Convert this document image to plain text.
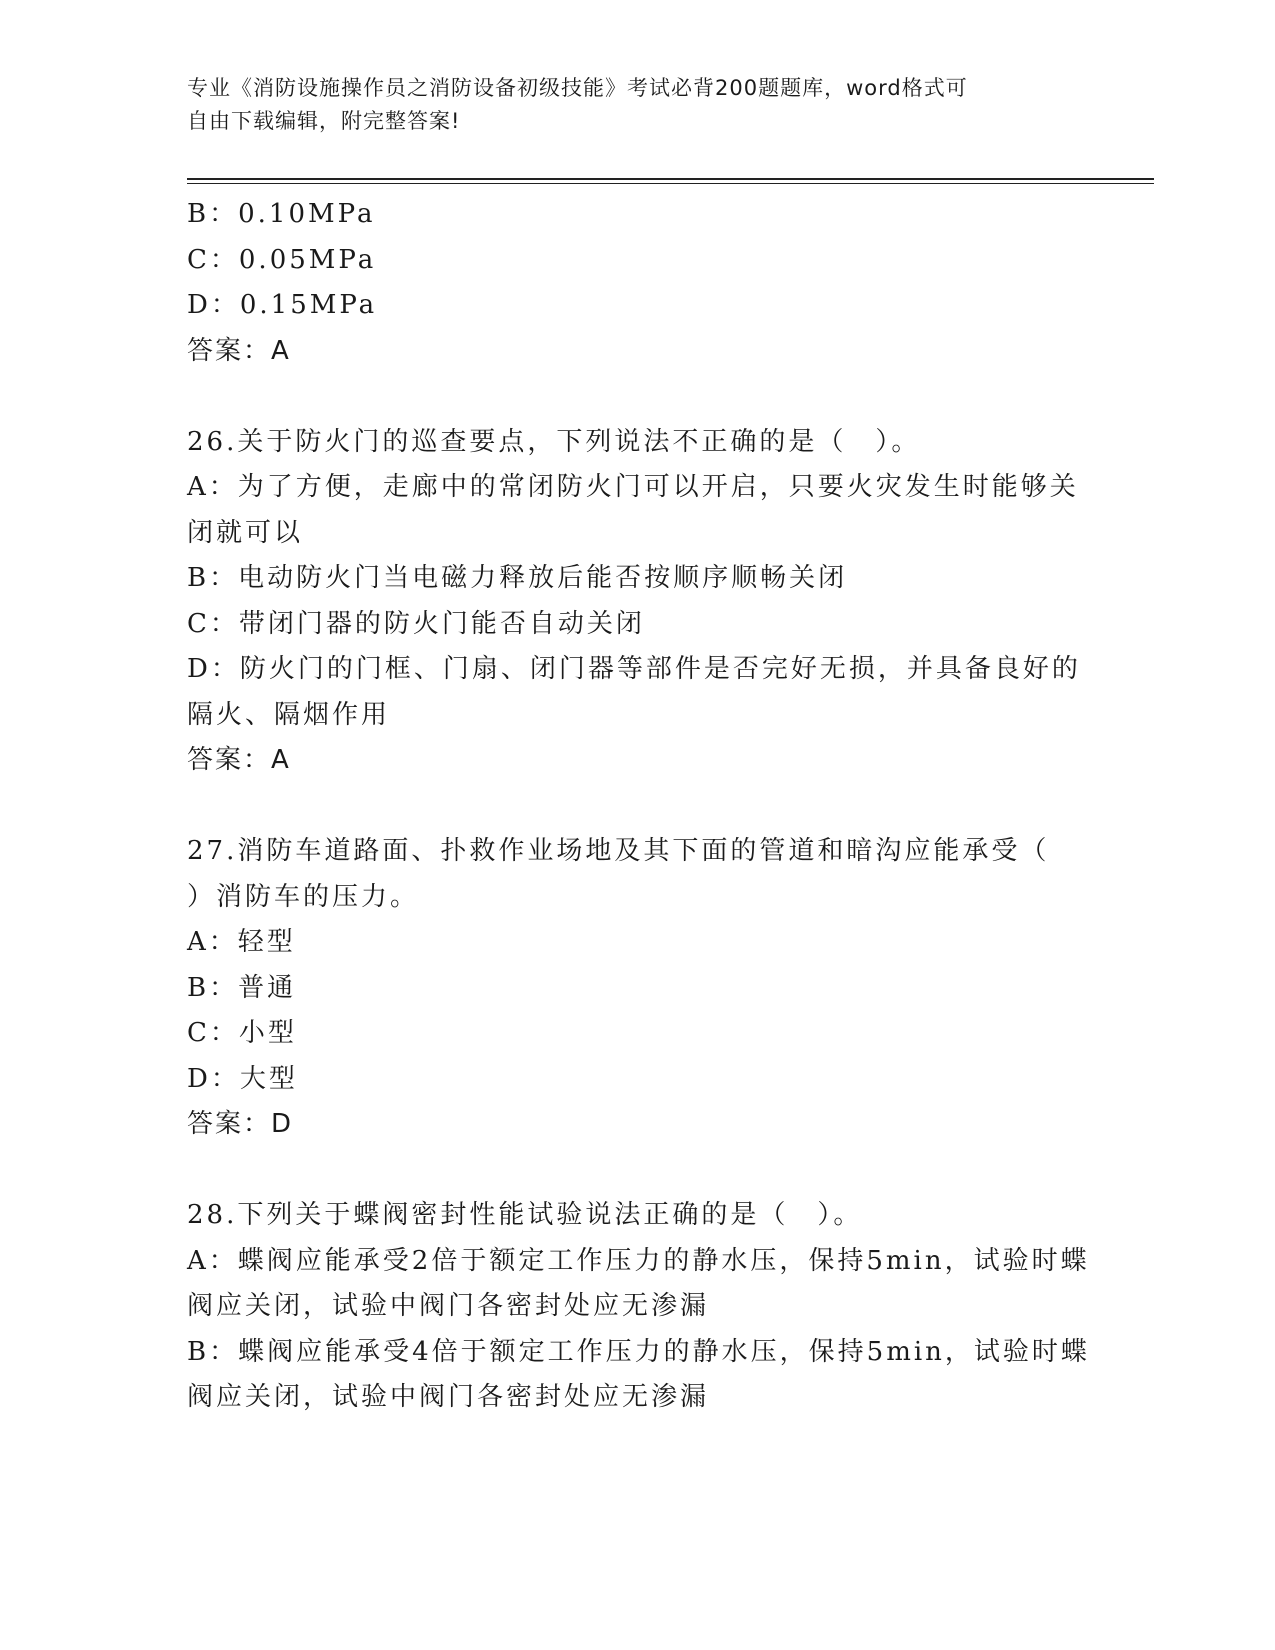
专业《消防设施操作员之消防设备初级技能》考试必背200题题库，word格式可
自由下载编辑，附完整答案!
B：0.10MPa
C：0.05MPa
D：0.15MPa
答案：A
26.关于防火门的巡查要点，下列说法不正确的是（　）。
A：为了方便，走廊中的常闭防火门可以开启，只要火灾发生时能够关
闭就可以
B：电动防火门当电磁力释放后能否按顺序顺畅关闭
C：带闭门器的防火门能否自动关闭
D：防火门的门框、门扇、闭门器等部件是否完好无损，并具备良好的
隔火、隔烟作用
答案：A
27.消防车道路面、扑救作业场地及其下面的管道和暗沟应能承受（
）消防车的压力。
A：轻型
B：普通
C：小型
D：大型
答案：D
28.下列关于蝶阀密封性能试验说法正确的是（　）。
A：蝶阀应能承受2倍于额定工作压力的静水压，保持5min，试验时蝶
阀应关闭，试验中阀门各密封处应无渗漏
B：蝶阀应能承受4倍于额定工作压力的静水压，保持5min，试验时蝶
阀应关闭，试验中阀门各密封处应无渗漏
